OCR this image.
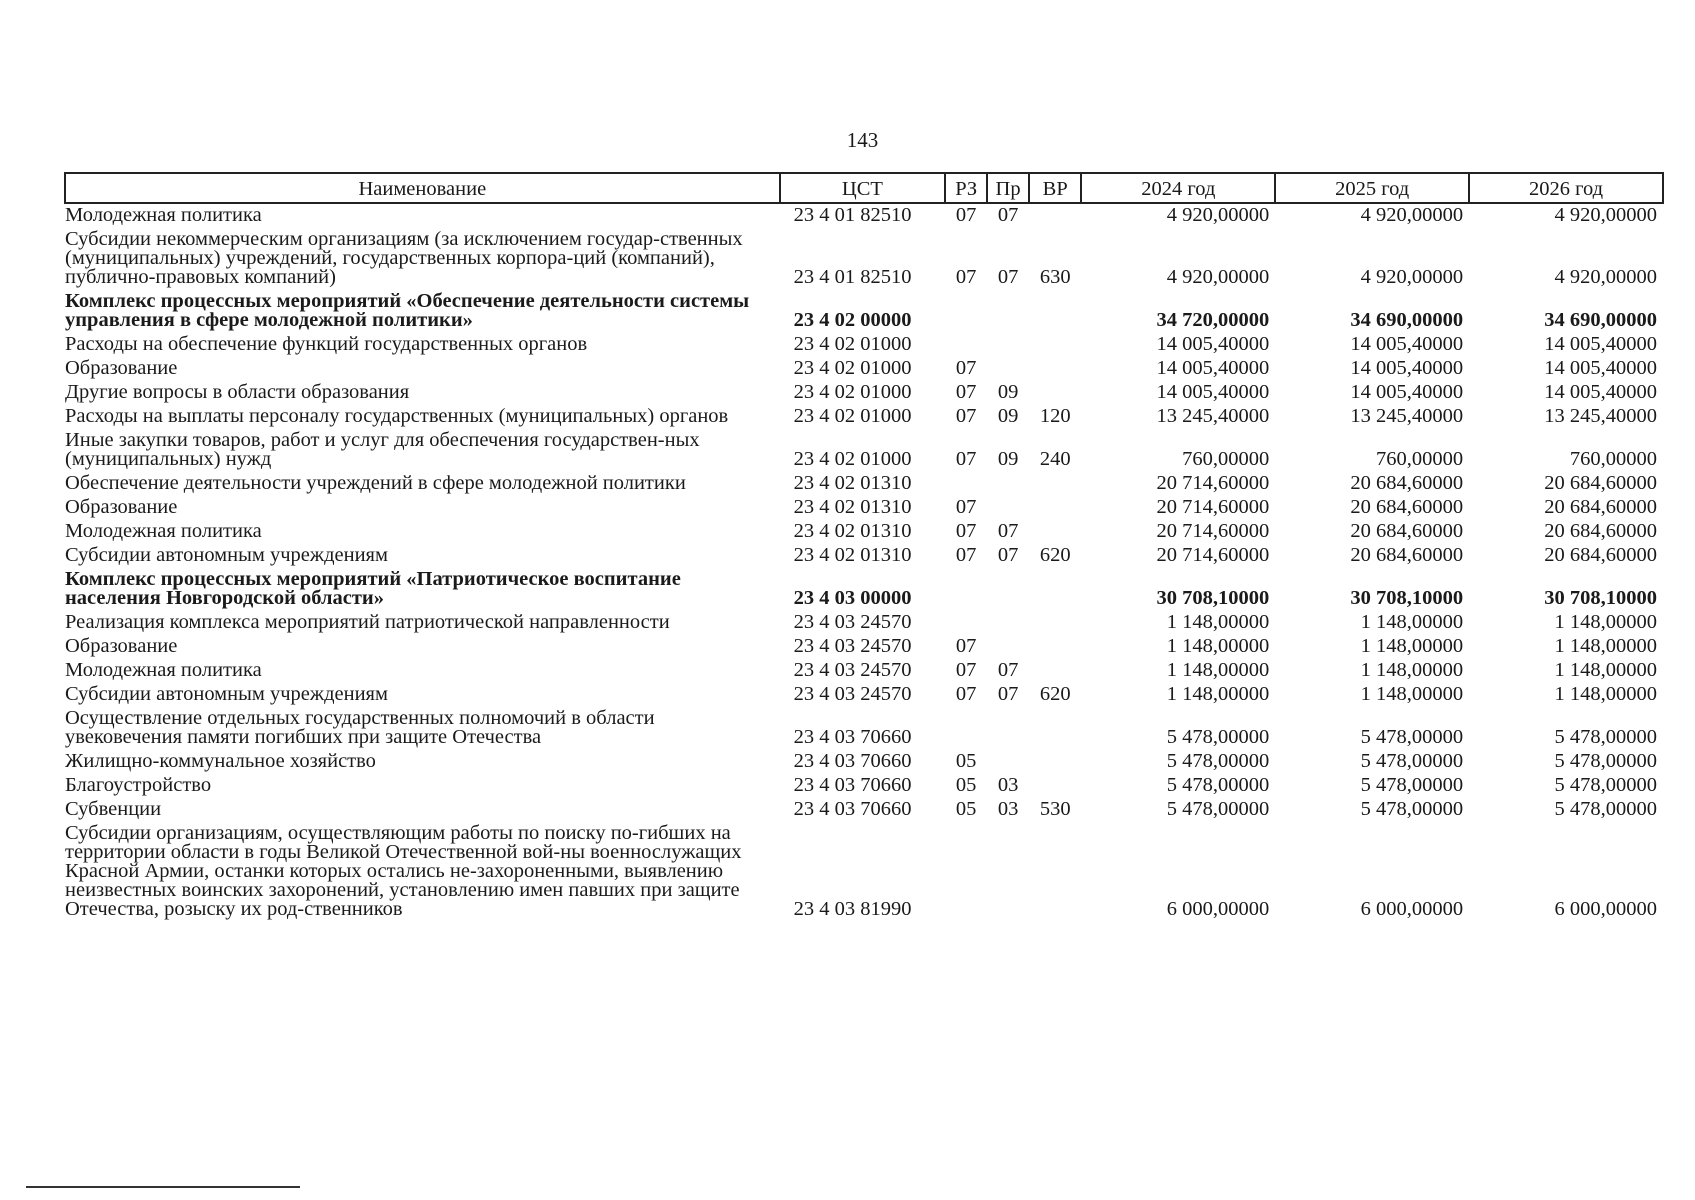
143
Наименование	ЦСТ	РЗ	Пр	ВР	2024 год	2025 год	2026 год
Молодежная политика	23 4 01 82510	07	07		4 920,00000	4 920,00000	4 920,00000
Субсидии некоммерческим организациям (за исключением государ-ственных (муниципальных) учреждений, государственных корпора-ций (компаний), публично-правовых компаний)	23 4 01 82510	07	07	630	4 920,00000	4 920,00000	4 920,00000
Комплекс процессных мероприятий «Обеспечение деятельности системы управления в сфере молодежной политики»	23 4 02 00000				34 720,00000	34 690,00000	34 690,00000
Расходы на обеспечение функций государственных органов	23 4 02 01000				14 005,40000	14 005,40000	14 005,40000
Образование	23 4 02 01000	07			14 005,40000	14 005,40000	14 005,40000
Другие вопросы в области образования	23 4 02 01000	07	09		14 005,40000	14 005,40000	14 005,40000
Расходы на выплаты персоналу государственных (муниципальных) органов	23 4 02 01000	07	09	120	13 245,40000	13 245,40000	13 245,40000
Иные закупки товаров, работ и услуг для обеспечения государствен-ных (муниципальных) нужд	23 4 02 01000	07	09	240	760,00000	760,00000	760,00000
Обеспечение деятельности учреждений в сфере молодежной политики	23 4 02 01310				20 714,60000	20 684,60000	20 684,60000
Образование	23 4 02 01310	07			20 714,60000	20 684,60000	20 684,60000
Молодежная политика	23 4 02 01310	07	07		20 714,60000	20 684,60000	20 684,60000
Субсидии автономным учреждениям	23 4 02 01310	07	07	620	20 714,60000	20 684,60000	20 684,60000
Комплекс процессных мероприятий «Патриотическое воспитание населения Новгородской области»	23 4 03 00000				30 708,10000	30 708,10000	30 708,10000
Реализация комплекса мероприятий патриотической направленности	23 4 03 24570				1 148,00000	1 148,00000	1 148,00000
Образование	23 4 03 24570	07			1 148,00000	1 148,00000	1 148,00000
Молодежная политика	23 4 03 24570	07	07		1 148,00000	1 148,00000	1 148,00000
Субсидии автономным учреждениям	23 4 03 24570	07	07	620	1 148,00000	1 148,00000	1 148,00000
Осуществление отдельных государственных полномочий в области увековечения памяти погибших при защите Отечества	23 4 03 70660				5 478,00000	5 478,00000	5 478,00000
Жилищно-коммунальное хозяйство	23 4 03 70660	05			5 478,00000	5 478,00000	5 478,00000
Благоустройство	23 4 03 70660	05	03		5 478,00000	5 478,00000	5 478,00000
Субвенции	23 4 03 70660	05	03	530	5 478,00000	5 478,00000	5 478,00000
Субсидии организациям, осуществляющим работы по поиску по-гибших на территории области в годы Великой Отечественной вой-ны военнослужащих Красной Армии, останки которых остались не-захороненными, выявлению неизвестных воинских захоронений, установлению имен павших при защите Отечества, розыску их род-ственников	23 4 03 81990				6 000,00000	6 000,00000	6 000,00000
